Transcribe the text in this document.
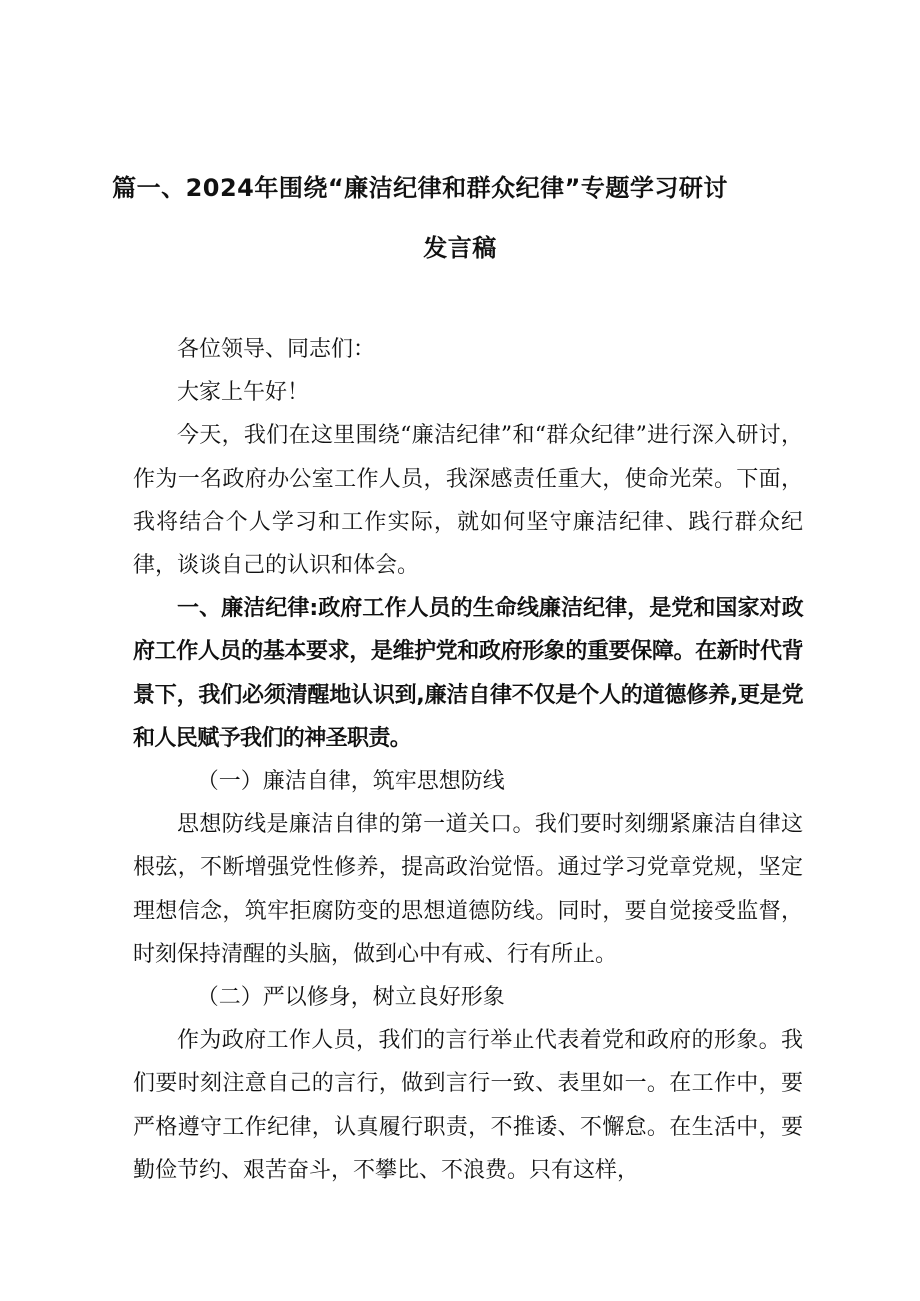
篇一、2024年围绕“廉洁纪律和群众纪律”专题学习研讨
发言稿

各位领导、同志们：

大家上午好！

今天，我们在这里围绕“廉洁纪律”和“群众纪律”进行深入研讨，作为一名政府办公室工作人员，我深感责任重大，使命光荣。下面，我将结合个人学习和工作实际，就如何坚守廉洁纪律、践行群众纪律，谈谈自己的认识和体会。

一、廉洁纪律:政府工作人员的生命线廉洁纪律，是党和国家对政府工作人员的基本要求，是维护党和政府形象的重要保障。在新时代背景下，我们必须清醒地认识到,廉洁自律不仅是个人的道德修养,更是党和人民赋予我们的神圣职责。

（一）廉洁自律，筑牢思想防线

思想防线是廉洁自律的第一道关口。我们要时刻绷紧廉洁自律这根弦，不断增强党性修养，提高政治觉悟。通过学习党章党规，坚定理想信念，筑牢拒腐防变的思想道德防线。同时，要自觉接受监督，时刻保持清醒的头脑，做到心中有戒、行有所止。

（二）严以修身，树立良好形象

作为政府工作人员，我们的言行举止代表着党和政府的形象。我们要时刻注意自己的言行，做到言行一致、表里如一。在工作中，要严格遵守工作纪律，认真履行职责，不推诿、不懈怠。在生活中，要勤俭节约、艰苦奋斗，不攀比、不浪费。只有这样，
